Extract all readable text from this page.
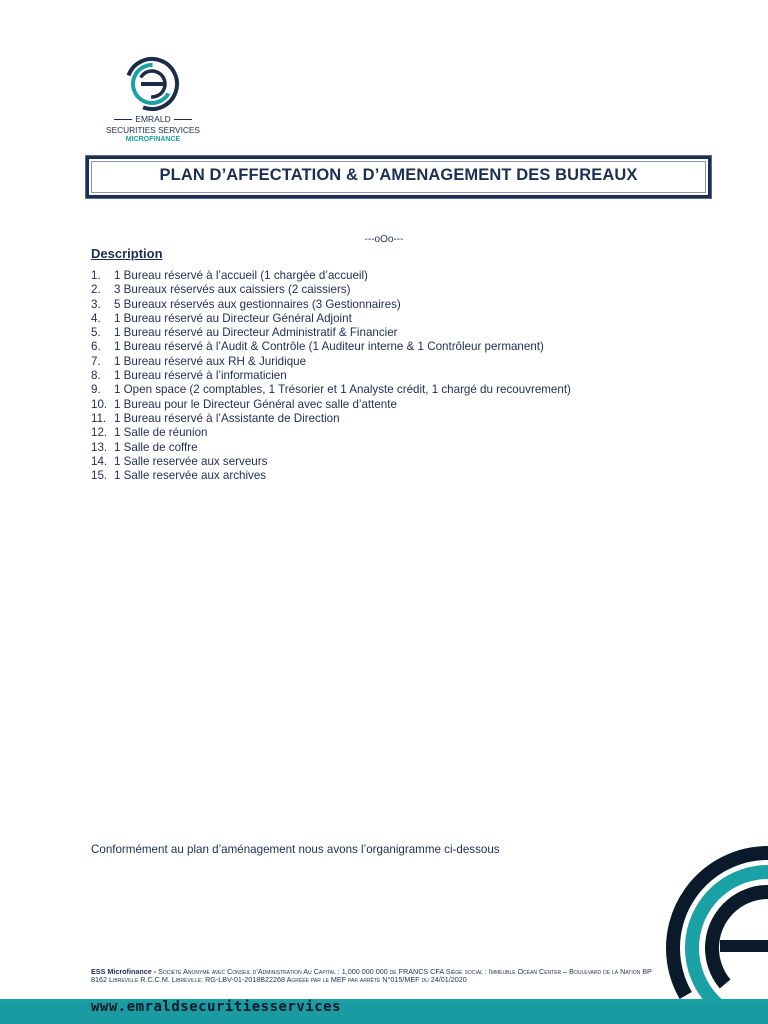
EMRALD
SECURITIES SERVICES
MICROFINANCE
PLAN D’AFFECTATION & D’AMENAGEMENT DES BUREAUX
---oOo---
Description
1.	1 Bureau réservé à l’accueil (1 chargée d’accueil)
2.	3 Bureaux réservés aux caissiers (2 caissiers)
3.	5 Bureaux réservés aux gestionnaires (3 Gestionnaires)
4.	1 Bureau réservé au Directeur Général Adjoint
5.	1 Bureau réservé au Directeur Administratif & Financier
6.	1 Bureau réservé à l’Audit & Contrôle (1 Auditeur interne & 1 Contrôleur permanent)
7.	1 Bureau réservé aux RH & Juridique
8.	1 Bureau réservé à l’informaticien
9.	1 Open space (2 comptables, 1 Trésorier et 1 Analyste crédit, 1 chargé du recouvrement)
10. 1 Bureau pour le Directeur Général avec salle d’attente
11. 1 Bureau réservé à l’Assistante de Direction
12. 1 Salle de réunion
13. 1 Salle de coffre
14. 1 Salle reservée aux serveurs
15. 1 Salle reservée aux archives
Conformément au plan d’aménagement nous avons l’organigramme ci-dessous
ESS Microfinance - Société Anonyme avec Conseil d’Administration Au Capital : 1,000 000 000 de FRANCS CFA Siège social : Immeuble Océan Center – Boulevard de la Nation BP 8162 Libreville R.C.C.M. Libreville: RG-LBV-01-2018B22268 Agréée par le MEF par arrêté N°015/MEF du 24/01/2020
www.emraldsecuritiesservices
